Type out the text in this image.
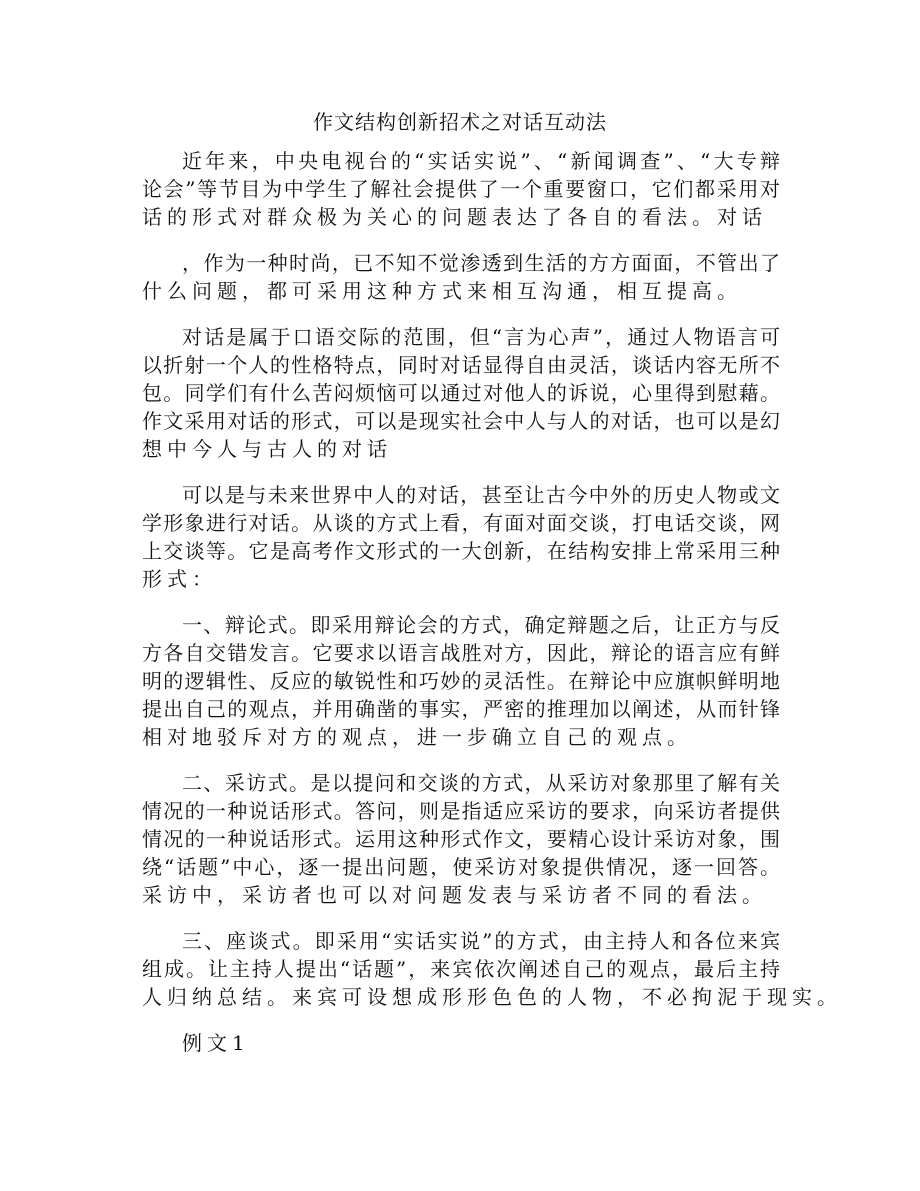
作文结构创新招术之对话互动法
近年来，中央电视台的“实话实说”、“新闻调查”、“大专辩
论会”等节目为中学生了解社会提供了一个重要窗口，它们都采用对
话的形式对群众极为关心的问题表达了各自的看法。对话
，作为一种时尚，已不知不觉渗透到生活的方方面面，不管出了
什么问题，都可采用这种方式来相互沟通，相互提高。
对话是属于口语交际的范围，但“言为心声”，通过人物语言可
以折射一个人的性格特点，同时对话显得自由灵活，谈话内容无所不
包。同学们有什么苦闷烦恼可以通过对他人的诉说，心里得到慰藉。
作文采用对话的形式，可以是现实社会中人与人的对话，也可以是幻
想中今人与古人的对话
可以是与未来世界中人的对话，甚至让古今中外的历史人物或文
学形象进行对话。从谈的方式上看，有面对面交谈，打电话交谈，网
上交谈等。它是高考作文形式的一大创新，在结构安排上常采用三种
形式：
一、辩论式。即采用辩论会的方式，确定辩题之后，让正方与反
方各自交错发言。它要求以语言战胜对方，因此，辩论的语言应有鲜
明的逻辑性、反应的敏锐性和巧妙的灵活性。在辩论中应旗帜鲜明地
提出自己的观点，并用确凿的事实，严密的推理加以阐述，从而针锋
相对地驳斥对方的观点，进一步确立自己的观点。
二、采访式。是以提问和交谈的方式，从采访对象那里了解有关
情况的一种说话形式。答问，则是指适应采访的要求，向采访者提供
情况的一种说话形式。运用这种形式作文，要精心设计采访对象，围
绕“话题”中心，逐一提出问题，使采访对象提供情况，逐一回答。
采访中，采访者也可以对问题发表与采访者不同的看法。
三、座谈式。即采用“实话实说”的方式，由主持人和各位来宾
组成。让主持人提出“话题”，来宾依次阐述自己的观点，最后主持
人归纳总结。来宾可设想成形形色色的人物，不必拘泥于现实。
例文1
